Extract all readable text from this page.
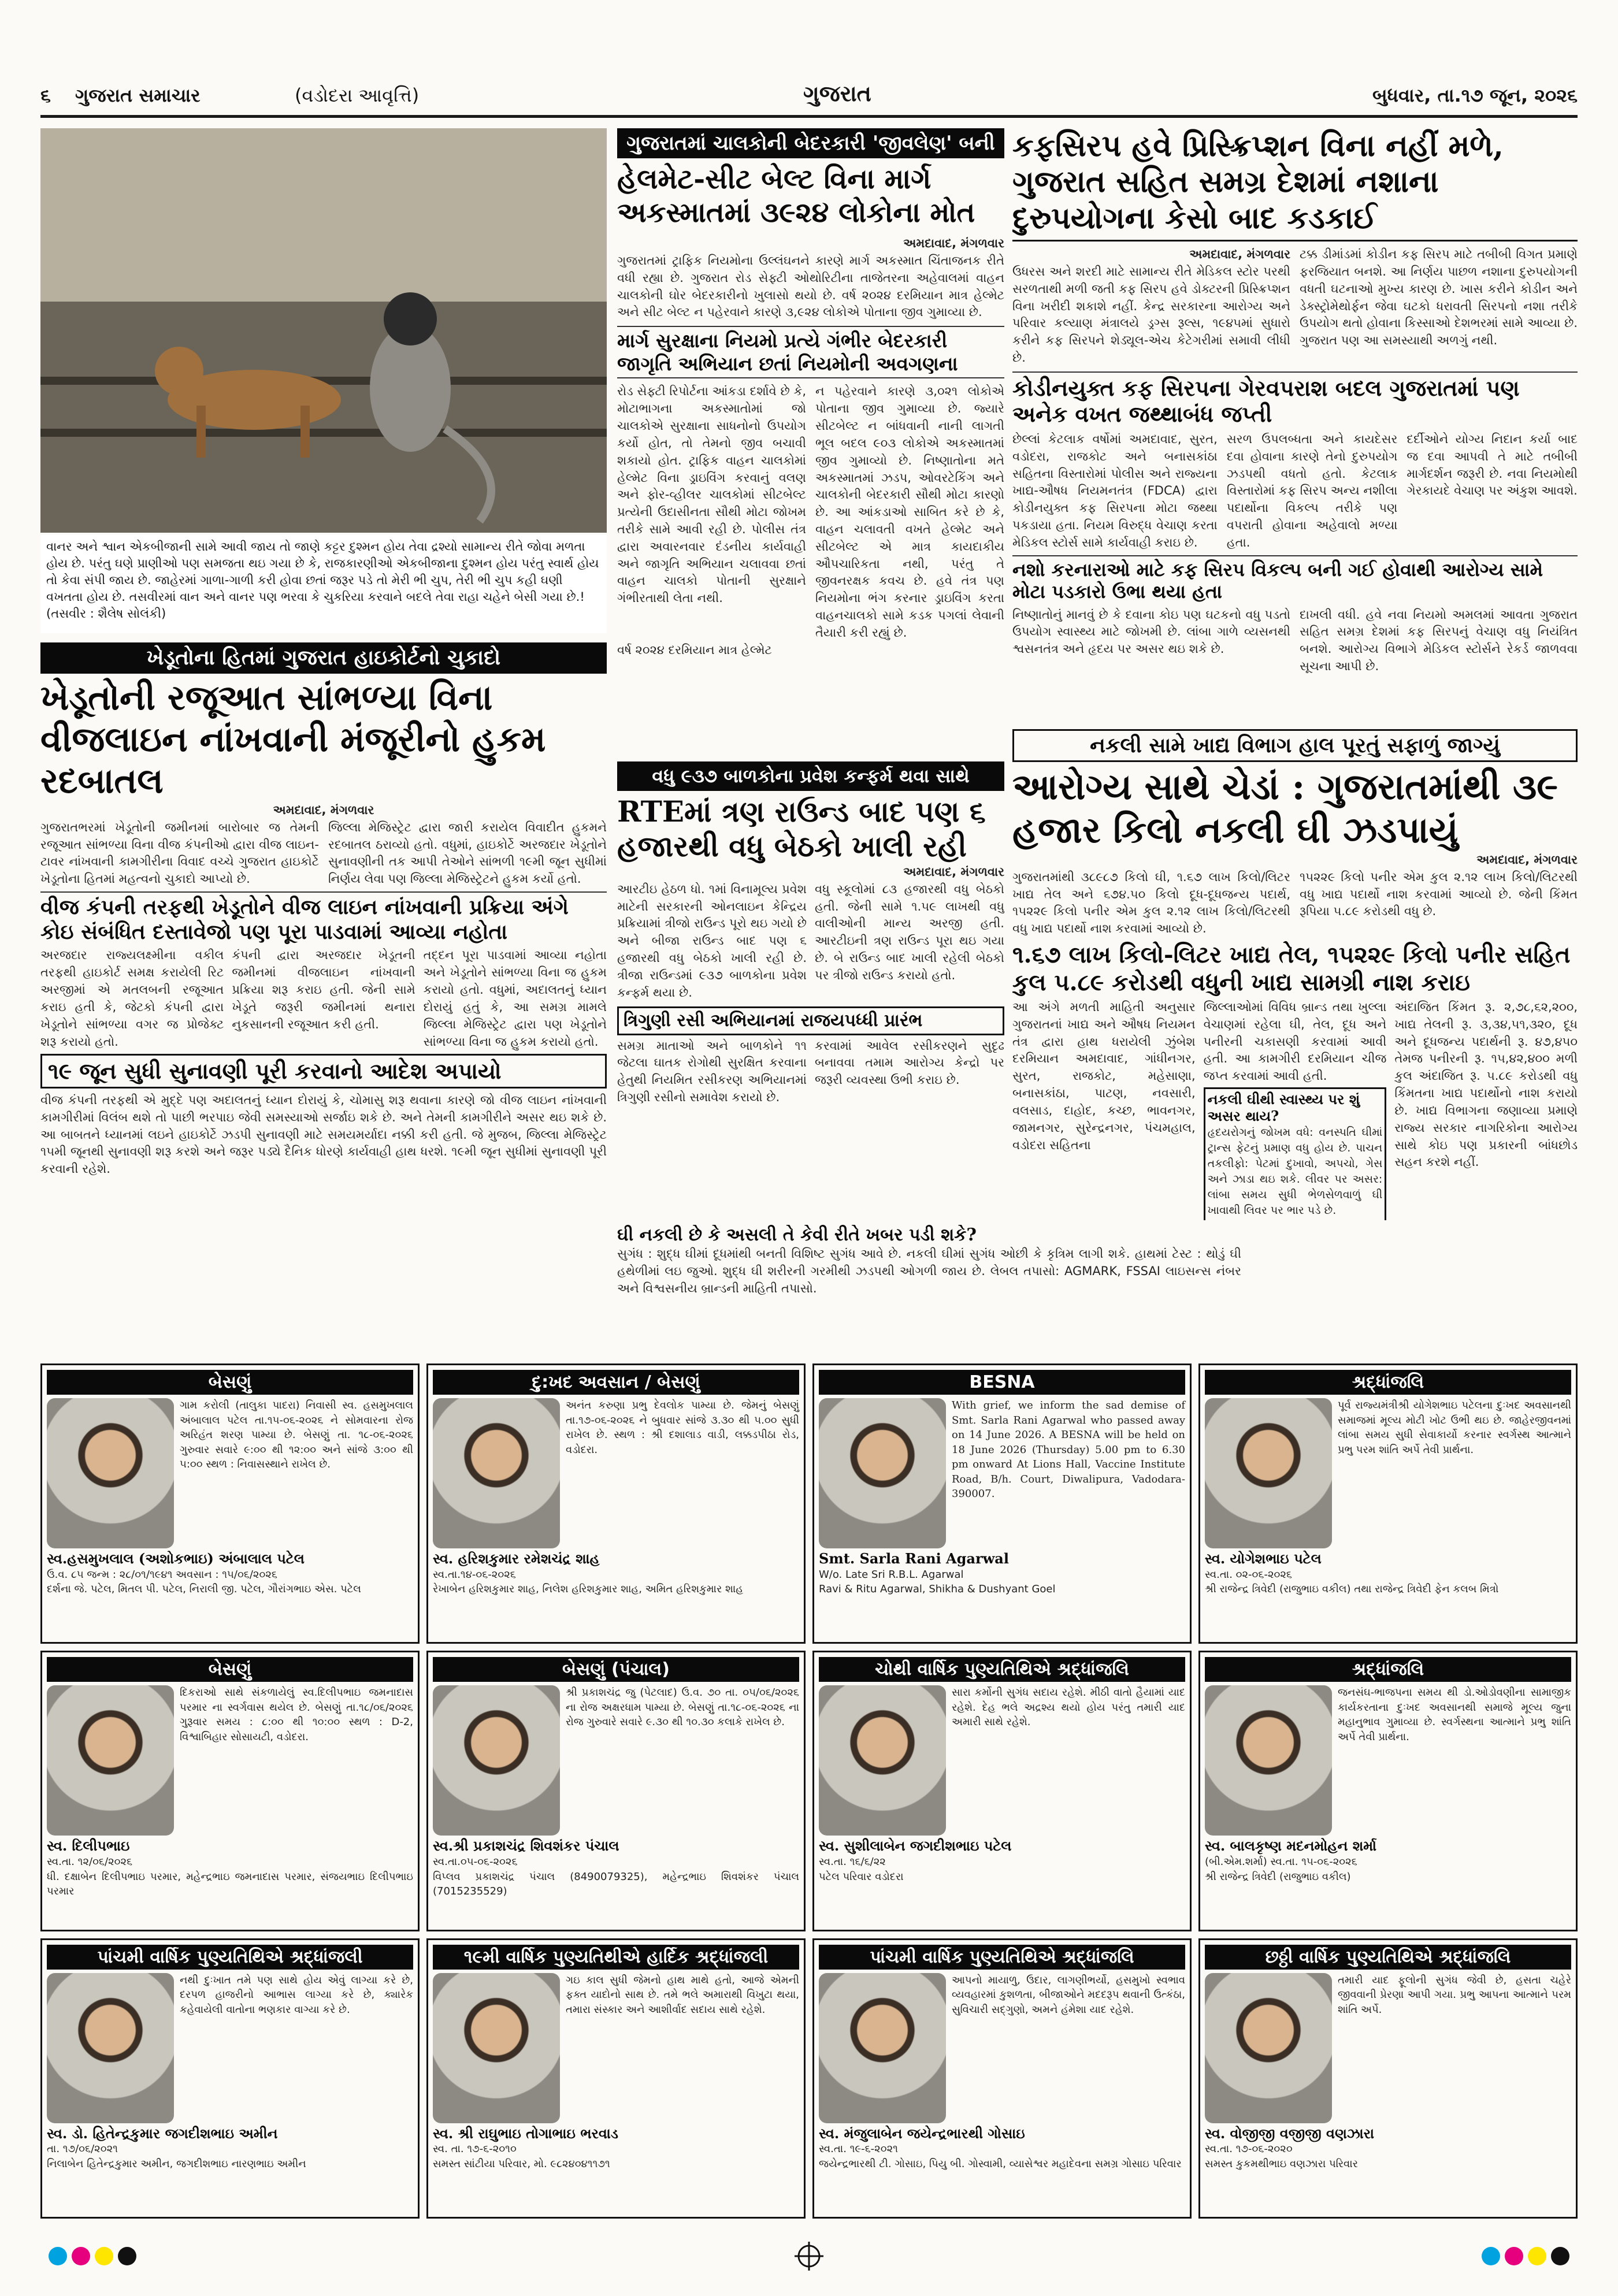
૬ ગુજરાત સમાચાર	(વડોદરા આવૃત્તિ)	ગુજરાત	બુધવાર, તા.૧૭ જૂન, ૨૦૨૬
વાનર અને શ્વાન એકબીજાની સામે આવી જાય તો જાણે કટ્ટર દુશ્મન હોય તેવા દ્રશ્યો સામાન્ય રીતે જોવા મળતા હોય છે. પરંતુ ઘણે પ્રાણીઓ પણ સમજતા થઇ ગયા છે કે, રાજકારણીઓ એકબીજાના દુશ્મન હોય પરંતુ સ્વાર્થ હોય તો કેવા સંપી જાય છે. જાહેરમાં ગાળા-ગાળી કરી હોવા છતાં જરૂર પડે તો મેરી ભી ચુપ, તેરી ભી ચુપ કહી ઘણી વખતતા હોય છે. તસવીરમાં વાન અને વાનર પણ ભરવા કે ચુકરિયા કરવાને બદલે તેવા રાહા ચહેને બેસી ગયા છે.! (તસવીર : શૈલેષ સોલંકી)
ગુજરાતમાં ચાલકોની બેદરકારી 'જીવલેણ' બની
હેલમેટ-સીટ બેલ્ટ વિના માર્ગ અકસ્માતમાં ૩૯૨૪ લોકોના મોત
અમદાવાદ, મંગળવાર
ગુજરાતમાં ટ્રાફિક નિયમોના ઉલ્લંઘનને કારણે માર્ગ અકસ્માત ચિંતાજનક રીતે વધી રહ્યા છે. ગુજરાત રોડ સેફ્ટી ઓથોરિટીના તાજેતરના અહેવાલમાં વાહન ચાલકોની ઘોર બેદરકારીનો ખુલાસો થયો છે. વર્ષ ૨૦૨૪ દરમિયાન માત્ર હેલ્મેટ અને સીટ બેલ્ટ ન પહેરવાને કારણે ૩,૯૨૪ લોકોએ પોતાના જીવ ગુમાવ્યા છે.
માર્ગ સુરક્ષાના નિયમો પ્રત્યે ગંભીર બેદરકારી જાગૃતિ અભિયાન છતાં નિયમોની અવગણના
રોડ સેફ્ટી રિપોર્ટના આંકડા દર્શાવે છે કે, મોટાભાગના અકસ્માતોમાં જો ચાલકોએ સુરક્ષાના સાધનોનો ઉપયોગ કર્યો હોત, તો તેમનો જીવ બચાવી શકાયો હોત. ટ્રાફિક વાહન ચાલકોમાં હેલ્મેટ વિના ડ્રાઇવિંગ કરવાનું વલણ અને ફોર-વ્હીલર ચાલકોમાં સીટબેલ્ટ પ્રત્યેની ઉદાસીનતા સૌથી મોટા જોખમ તરીકે સામે આવી રહી છે. પોલીસ તંત્ર દ્વારા અવારનવાર દંડનીય કાર્યવાહી અને જાગૃતિ અભિયાન ચલાવવા છતાં વાહન ચાલકો પોતાની સુરક્ષાને ગંભીરતાથી લેતા નથી.
ન પહેરવાને કારણે ૩,૦૨૧ લોકોએ પોતાના જીવ ગુમાવ્યા છે. જ્યારે સીટબેલ્ટ ન બાંધવાની નાની લાગતી ભૂલ બદલ ૯૦૩ લોકોએ અકસ્માતમાં જીવ ગુમાવ્યો છે. નિષ્ણાતોના મતે અકસ્માતમાં ઝડપ, ઓવરટેકિંગ અને ચાલકોની બેદરકારી સૌથી મોટા કારણો છે. આ આંકડાઓ સાબિત કરે છે કે, વાહન ચલાવતી વખતે હેલ્મેટ અને સીટબેલ્ટ એ માત્ર કાયદાકીય ઔપચારિકતા નથી, પરંતુ તે જીવનરક્ષક કવચ છે. હવે તંત્ર પણ નિયમોના ભંગ કરનાર ડ્રાઇવિંગ કરતા વાહનચાલકો સામે કડક પગલાં લેવાની તૈયારી કરી રહ્યું છે.
વર્ષ ૨૦૨૪ દરમિયાન માત્ર હેલ્મેટ
કફસિરપ હવે પ્રિસ્ક્રિપ્શન વિના નહીં મળે, ગુજરાત સહિત સમગ્ર દેશમાં નશાના દુરુપયોગના કેસો બાદ કડકાઈ
અમદાવાદ, મંગળવાર
ઉધરસ અને શરદી માટે સામાન્ય રીતે મેડિકલ સ્ટોર પરથી સરળતાથી મળી જતી કફ સિરપ હવે ડોક્ટરની પ્રિસ્ક્રિપ્શન વિના ખરીદી શકાશે નહીં. કેન્દ્ર સરકારના આરોગ્ય અને પરિવાર કલ્યાણ મંત્રાલયે ડ્રગ્સ રૂલ્સ, ૧૯૪૫માં સુધારો કરીને કફ સિરપને શેડ્યૂલ-એચ કેટેગરીમાં સમાવી લીધી છે.
ટક્ક ડીમાંડમાં કોડીન કફ સિરપ માટે તબીબી વિગત પ્રમાણે ફરજિયાત બનશે. આ નિર્ણય પાછળ નશાના દુરુપયોગની વધતી ઘટનાઓ મુખ્ય કારણ છે. ખાસ કરીને કોડીન અને ડેક્સ્ટ્રોમેથોર્ફન જેવા ઘટકો ધરાવતી સિરપનો નશા તરીકે ઉપયોગ થતો હોવાના કિસ્સાઓ દેશભરમાં સામે આવ્યા છે. ગુજરાત પણ આ સમસ્યાથી અળગું નથી.
કોડીનયુક્ત કફ સિરપના ગેરવપરાશ બદલ ગુજરાતમાં પણ અનેક વખત જથ્થાબંધ જપ્તી
છેલ્લાં કેટલાક વર્ષોમાં અમદાવાદ, સુરત, વડોદરા, રાજકોટ અને બનાસકાંઠા સહિતના વિસ્તારોમાં પોલીસ અને રાજ્યના ખાદ્ય-ઔષધ નિયમનતંત્ર (FDCA) દ્વારા કોડીનયુક્ત કફ સિરપના મોટા જથ્થા પકડાયા હતા. નિયમ વિરુદ્ધ વેચાણ કરતા મેડિકલ સ્ટોર્સ સામે કાર્યવાહી કરાઇ છે.
સરળ ઉપલબ્ધતા અને કાયદેસર દવા હોવાના કારણે તેનો દુરુપયોગ ઝડપથી વધતો હતો. કેટલાક વિસ્તારોમાં કફ સિરપ અન્ય નશીલા પદાર્થોના વિકલ્પ તરીકે પણ વપરાતી હોવાના અહેવાલો મળ્યા હતા.
દર્દીઓને યોગ્ય નિદાન કર્યા બાદ જ દવા આપવી તે માટે તબીબી માર્ગદર્શન જરૂરી છે. નવા નિયમોથી ગેરકાયદે વેચાણ પર અંકુશ આવશે.
નશો કરનારાઓ માટે કફ સિરપ વિકલ્પ બની ગઈ હોવાથી આરોગ્ય સામે મોટા પડકારો ઉભા થયા હતા
નિષ્ણાતોનું માનવું છે કે દવાના કોઇ પણ ઘટકનો વધુ પડતો ઉપયોગ સ્વાસ્થ્ય માટે જોખમી છે. લાંબા ગાળે વ્યસનથી શ્વસનતંત્ર અને હૃદય પર અસર થઇ શકે છે.
દાખલી વધી. હવે નવા નિયમો અમલમાં આવતા ગુજરાત સહિત સમગ્ર દેશમાં કફ સિરપનું વેચાણ વધુ નિયંત્રિત બનશે. આરોગ્ય વિભાગે મેડિકલ સ્ટોર્સને રેકર્ડ જાળવવા સૂચના આપી છે.
ખેડૂતોના હિતમાં ગુજરાત હાઇકોર્ટનો ચુકાદો
ખેડૂતોની રજૂઆત સાંભળ્યા વિના વીજલાઇન નાંખવાની મંજૂરીનો હુકમ રદબાતલ
અમદાવાદ, મંગળવાર
ગુજરાતભરમાં ખેડૂતોની જમીનમાં બારોબાર જ તેમની રજૂઆત સાંભળ્યા વિના વીજ કંપનીઓ દ્વારા વીજ લાઇન-ટાવર નાંખવાની કામગીરીના વિવાદ વચ્ચે ગુજરાત હાઇકોર્ટે ખેડૂતોના હિતમાં મહત્વનો ચુકાદો આપ્યો છે.
જિલ્લા મેજિસ્ટ્રેટ દ્વારા જારી કરાયેલ વિવાદીત હુકમને રદબાતલ ઠરાવ્યો હતો. વધુમાં, હાઇકોર્ટે અરજદાર ખેડૂતોને સુનાવણીની તક આપી તેઓને સાંભળી ૧૯મી જૂન સુધીમાં નિર્ણય લેવા પણ જિલ્લા મેજિસ્ટ્રેટને હુકમ કર્યો હતો.
વીજ કંપની તરફથી ખેડૂતોને વીજ લાઇન નાંખવાની પ્રક્રિયા અંગે કોઇ સંબંધિત દસ્તાવેજો પણ પૂરા પાડવામાં આવ્યા નહોતા
અરજદાર રાજ્યલક્ષ્મીના વકીલ તરફથી હાઇકોર્ટ સમક્ષ કરાયેલી રિટ અરજીમાં એ મતલબની રજૂઆત કરાઇ હતી કે, જેટકો કંપની દ્વારા ખેડૂતોને સાંભળ્યા વગર જ પ્રોજેક્ટ શરૂ કરાયો હતો.
કંપની દ્વારા અરજદાર ખેડૂતની જમીનમાં વીજલાઇન નાંખવાની પ્રક્રિયા શરૂ કરાઇ હતી. જેની સામે ખેડૂતે જરૂરી જમીનમાં થનારા નુકસાનની રજૂઆત કરી હતી.
તદ્દન પૂરા પાડવામાં આવ્યા નહોતા અને ખેડૂતોને સાંભળ્યા વિના જ હુકમ કરાયો હતો. વધુમાં, અદાલતનું ધ્યાન દોરાયું હતું કે, આ સમગ્ર મામલે જિલ્લા મેજિસ્ટ્રેટ દ્વારા પણ ખેડૂતોને સાંભળ્યા વિના જ હુકમ કરાયો હતો.
૧૯ જૂન સુધી સુનાવણી પૂરી કરવાનો આદેશ અપાયો
વીજ કંપની તરફથી એ મુદ્દે પણ અદાલતનું ધ્યાન દોરાયું કે, ચોમાસુ શરૂ થવાના કારણે જો વીજ લાઇન નાંખવાની કામગીરીમાં વિલંબ થશે તો પાછી ભરપાઇ જેવી સમસ્યાઓ સર્જાઇ શકે છે. અને તેમની કામગીરીને અસર થઇ શકે છે. આ બાબતને ધ્યાનમાં લઇને હાઇકોર્ટે ઝડપી સુનાવણી માટે સમયમર્યાદા નક્કી કરી હતી. જે મુજબ, જિલ્લા મેજિસ્ટ્રેટ ૧૫મી જૂનથી સુનાવણી શરૂ કરશે અને જરૂર પડ્યે દૈનિક ધોરણે કાર્યવાહી હાથ ધરશે. ૧૯મી જૂન સુધીમાં સુનાવણી પૂરી કરવાની રહેશે.
વધુ ૯૩૭ બાળકોના પ્રવેશ કન્ફર્મ થવા સાથે
RTEમાં ત્રણ રાઉન્ડ બાદ પણ ૬ હજારથી વધુ બેઠકો ખાલી રહી
અમદાવાદ, મંગળવાર
આરટીઇ હેઠળ ધો. ૧માં વિનામૂલ્ય પ્રવેશ માટેની સરકારની ઓનલાઇન કેન્દ્રિય પ્રક્રિયામાં ત્રીજો રાઉન્ડ પૂરો થઇ ગયો છે અને બીજા રાઉન્ડ બાદ પણ ૬ હજારથી વધુ બેઠકો ખાલી રહી છે. ત્રીજા રાઉન્ડમાં ૯૩૭ બાળકોના પ્રવેશ કન્ફર્મ થયા છે.
વધુ સ્કૂલોમાં ૮૩ હજારથી વધુ બેઠકો હતી. જેની સામે ૧.૫૯ લાખથી વધુ વાલીઓની માન્ય અરજી હતી. આરટીઇની ત્રણ રાઉન્ડ પૂરા થઇ ગયા છે. બે રાઉન્ડ બાદ ખાલી રહેલી બેઠકો પર ત્રીજો રાઉન્ડ કરાયો હતો.
ત્રિગુણી રસી અભિયાનમાં રાજયપધ્ધી પ્રારંભ
સમગ્ર માતાઓ અને બાળકોને ૧૧ જેટલા ઘાતક રોગોથી સુરક્ષિત કરવાના હેતુથી નિયમિત રસીકરણ અભિયાનમાં ત્રિગુણી રસીનો સમાવેશ કરાયો છે.
કરવામાં આવેલ રસીકરણને સુદૃઢ બનાવવા તમામ આરોગ્ય કેન્દ્રો પર જરૂરી વ્યવસ્થા ઉભી કરાઇ છે.
નકલી સામે ખાદ્ય વિભાગ હાલ પૂરતું સફાળું જાગ્યું
આરોગ્ય સાથે ચેડાં : ગુજરાતમાંથી ૩૯ હજાર કિલો નકલી ઘી ઝડપાયું
અમદાવાદ, મંગળવાર
ગુજરાતમાંથી ૩૮૯૮૭ કિલો ઘી, ૧.૬૭ લાખ કિલો/લિટર ખાદ્ય તેલ અને ૬૭૪.૫૦ કિલો દૂધ-દૂધજન્ય પદાર્થ, ૧૫૨૨૯ કિલો પનીર એમ કુલ ૨.૧૨ લાખ કિલો/લિટરથી વધુ ખાદ્ય પદાર્થો નાશ કરવામાં આવ્યો છે.
૧૫૨૨૯ કિલો પનીર એમ કુલ ૨.૧૨ લાખ કિલો/લિટરથી વધુ ખાદ્ય પદાર્થો નાશ કરવામાં આવ્યો છે. જેની કિંમત રૂપિયા ૫.૮૯ કરોડથી વધુ છે.
૧.૬૭ લાખ કિલો-લિટર ખાદ્ય તેલ, ૧૫૨૨૯ કિલો પનીર સહિત કુલ ૫.૮૯ કરોડથી વધુની ખાદ્ય સામગ્રી નાશ કરાઇ
આ અંગે મળતી માહિતી અનુસાર ગુજરાતનાં ખાદ્ય અને ઔષધ નિયમન તંત્ર દ્વારા હાથ ધરાયેલી ઝુંબેશ દરમિયાન અમદાવાદ, ગાંધીનગર, સુરત, રાજકોટ, મહેસાણા, બનાસકાંઠા, પાટણ, નવસારી, વલસાડ, દાહોદ, કચ્છ, ભાવનગર, જામનગર, સુરેન્દ્રનગર, પંચમહાલ, વડોદરા સહિતના
જિલ્લાઓમાં વિવિધ બ્રાન્ડ તથા ખુલ્લા વેચાણમાં રહેલા ઘી, તેલ, દૂધ અને પનીરની ચકાસણી કરવામાં આવી હતી. આ કામગીરી દરમિયાન ચીજ જપ્ત કરવામાં આવી હતી.
નકલી ઘીથી સ્વાસ્થ્ય પર શું અસર થાય?
હૃદયરોગનું જોખમ વધે: વનસ્પતિ ઘીમાં ટ્રાન્સ ફેટનું પ્રમાણ વધુ હોય છે. પાચન તકલીફો: પેટમાં દુખાવો, અપચો, ગેસ અને ઝાડા થઇ શકે. લીવર પર અસર: લાંબા સમય સુધી ભેળસેળવાળું ઘી ખાવાથી લિવર પર ભાર પડે છે.
અંદાજિત કિંમત રૂ. ૨,૭૮,૬૨,૨૦૦, ખાદ્ય તેલની રૂ. ૩,૩૪,૫૧,૩૨૦, દૂધ અને દૂધજન્ય પદાર્થની રૂ. ૪૭,૪૫૦ તેમજ પનીરની રૂ. ૧૫,૪૨,૪૦૦ મળી કુલ અંદાજિત રૂ. ૫.૮૯ કરોડથી વધુ કિંમતના ખાદ્ય પદાર્થોનો નાશ કરાયો છે. ખાદ્ય વિભાગના જણાવ્યા પ્રમાણે રાજ્ય સરકાર નાગરિકોના આરોગ્ય સાથે કોઇ પણ પ્રકારની બાંધછોડ સહન કરશે નહીં.
ઘી નકલી છે કે અસલી તે કેવી રીતે ખબર પડી શકે?
સુગંધ : શુદ્ધ ઘીમાં દૂધમાંથી બનતી વિશિષ્ટ સુગંધ આવે છે. નકલી ઘીમાં સુગંધ ઓછી કે કૃત્રિમ લાગી શકે. હાથમાં ટેસ્ટ : થોડું ઘી હથેળીમાં લઇ જુઓ. શુદ્ધ ઘી શરીરની ગરમીથી ઝડપથી ઓગળી જાય છે. લેબલ તપાસો: AGMARK, FSSAI લાઇસન્સ નંબર અને વિશ્વસનીય બ્રાન્ડની માહિતી તપાસો.
બેસણું
ગામ કરોલી (તાલુકા પાદરા) નિવાસી સ્વ. હસમુખલાલ અંબાલાલ પટેલ તા.૧૫-૦૬-૨૦૨૬ ને સોમવારના રોજ અરિહંત શરણ પામ્યા છે. બેસણું તા. ૧૮-૦૬-૨૦૨૬ ગુરુવાર સવારે ૯:૦૦ થી ૧૨:૦૦ અને સાંજે ૩:૦૦ થી ૫:૦૦ સ્થળ : નિવાસસ્થાને રાખેલ છે.
સ્વ.હસમુખલાલ (અશોકભાઇ) અંબાલાલ પટેલ
ઉ.વ. ૮૫ જન્મ : ૨૮/૦૧/૧૯૪૧ અવસાન : ૧૫/૦૬/૨૦૨૬
દર્શના જે. પટેલ, મિતલ પી. પટેલ, નિરાલી જી. પટેલ, ગૌરાંગભાઇ એસ. પટેલ
દુ:ખદ અવસાન / બેસણું
અનંત કરુણા પ્રભુ દેવલોક પામ્યા છે. જેમનું બેસણું તા.૧૭-૦૬-૨૦૨૬ ને બુધવાર સાંજે ૩.૩૦ થી ૫.૦૦ સુધી રાખેલ છે. સ્થળ : શ્રી દશાલાડ વાડી, લક્કડપીઠા રોડ, વડોદરા.
સ્વ. હરિશકુમાર રમેશચંદ્ર શાહ
સ્વ.તા.૧૪-૦૬-૨૦૨૬
રેખાબેન હરિશકુમાર શાહ, નિલેશ હરિશકુમાર શાહ, અમિત હરિશકુમાર શાહ
BESNA
With grief, we inform the sad demise of Smt. Sarla Rani Agarwal who passed away on 14 June 2026. A BESNA will be held on 18 June 2026 (Thursday) 5.00 pm to 6.30 pm onward At Lions Hall, Vaccine Institute Road, B/h. Court, Diwalipura, Vadodara-390007.
Smt. Sarla Rani Agarwal
W/o. Late Sri R.B.L. Agarwal
Ravi & Ritu Agarwal, Shikha & Dushyant Goel
શ્રદ્ધાંજલિ
પૂર્વ રાજ્યમંત્રીશ્રી યોગેશભાઇ પટેલના દુઃખદ અવસાનથી સમાજમાં મૂલ્ય મોટી ખોટ ઉભી થઇ છે. જાહેરજીવનમાં લાંબા સમય સુધી સેવાકાર્યો કરનાર સ્વર્ગસ્થ આત્માને પ્રભુ પરમ શાંતિ અર્પે તેવી પ્રાર્થના.
સ્વ. યોગેશભાઇ પટેલ
સ્વ.તા. ૦૨-૦૬-૨૦૨૬
શ્રી રાજેન્દ્ર ત્રિવેદી (રાજુભાઇ વકીલ) તથા રાજેન્દ્ર ત્રિવેદી ફેન કલબ મિત્રો
બેસણું
દિકરાઓ સાથે સંકળાયેલું સ્વ.દિલીપભાઇ જમનાદાસ પરમાર ના સ્વર્ગવાસ થયેલ છે. બેસણું તા.૧૮/૦૬/૨૦૨૬ ગુરૂવાર સમય : ૮:૦૦ થી ૧૦:૦૦ સ્થળ : D-2, વિશ્વાબિહાર સોસાયટી, વડોદરા.
સ્વ. દિલીપભાઇ
સ્વ.તા. ૧૨/૦૬/૨૦૨૬
ધી. દક્ષાબેન દિલીપભાઇ પરમાર, મહેન્દ્રભાઇ જમનાદાસ પરમાર, સંજયભાઇ દિલીપભાઇ પરમાર
બેસણું (પંચાલ)
શ્રી પ્રકાશચંદ્ર જુ (પેટલાદ) ઉ.વ. ૭૦ તા. ૦૫/૦૬/૨૦૨૬ ના રોજ અક્ષરધામ પામ્યા છે. બેસણું તા.૧૮-૦૬-૨૦૨૬ ના રોજ ગુરુવારે સવારે ૯.૩૦ થી ૧૦.૩૦ કલાકે રાખેલ છે.
સ્વ.શ્રી પ્રકાશચંદ્ર શિવશંકર પંચાલ
સ્વ.તા.૦૫-૦૬-૨૦૨૬
વિપ્લવ પ્રકાશચંદ્ર પંચાલ (8490079325), મહેન્દ્રભાઇ શિવશંકર પંચાલ (7015235529)
ચોથી વાર્ષિક પુણ્યતિથિએ શ્રદ્ધાંજલિ
સારા કર્મોની સુગંધ સદાય રહેશે. મીઠી વાતો હૈયામાં યાદ રહેશે. દેહ ભલે અદ્રશ્ય થયો હોય પરંતુ તમારી યાદ અમારી સાથે રહેશે.
સ્વ. સુશીલાબેન જગદીશભાઇ પટેલ
સ્વ.તા. ૧૬/૬/૨૨
પટેલ પરિવાર વડોદરા
શ્રદ્ધાંજલિ
જનસંઘ-ભાજપના સમય થી ડો.ઓડોવણીના સામાજીક કાર્યકરતાના દુઃખદ અવસાનથી સમાજે મૂલ્ય જુના મહાનુભાવ ગુમાવ્યા છે. સ્વર્ગસ્થના આત્માને પ્રભુ શાંતિ અર્પે તેવી પ્રાર્થના.
સ્વ. બાલકૃષ્ણ મદનમોહન શર્મા
(બી.એમ.શર્મા) સ્વ.તા. ૧૫-૦૬-૨૦૨૬
શ્રી રાજેન્દ્ર ત્રિવેદી (રાજુભાઇ વકીલ)
પાંચમી વાર્ષિક પુણ્યતિથિએ શ્રદ્ધાંજલી
નથી દુઃખાત તમે પણ સાથે હોય એવું લાગ્યા કરે છે, દરપળ હાજરીનો આભાસ લાગ્યા કરે છે, ક્યારેક કહેવાયેલી વાતોના ભણકાર વાગ્યા કરે છે.
સ્વ. ડો. હિતેન્દ્રકુમાર જગદીશભાઇ અમીન
તા. ૧૭/૦૬/૨૦૨૧
નિલાબેન હિતેન્દ્રકુમાર અમીન, જગદીશભાઇ નારણભાઇ અમીન
૧૯મી વાર્ષિક પુણ્યતિથીએ હાર્દિક શ્રદ્ધાંજલી
ગઇ કાલ સુધી જેમનો હાથ માથે હતો, આજે એમની ફક્ત યાદોનો સાથ છે. તમે ભલે અમારાથી વિખુટા થયા, તમારા સંસ્કાર અને આશીર્વાદ સદાય સાથે રહેશે.
સ્વ. શ્રી રાઘુભાઇ તોગાભાઇ ભરવાડ
સ્વ. તા. ૧૭-૬-૨૦૧૦
સમસ્ત સાંટીયા પરિવાર, મો. ૯૮૨૪૦૪૧૧૭૧
પાંચમી વાર્ષિક પુણ્યતિથિએ શ્રદ્ધાંજલિ
આપનો માયાળુ, ઉદાર, લાગણીભર્યો, હસમુખો સ્વભાવ વ્યવહારમાં કુશળતા, બીજાઓને મદદરૂપ થવાની ઉત્કંઠા, સુવિચારી સદ્ગુણો, અમને હંમેશા યાદ રહેશે.
સ્વ. મંજુલાબેન જયેન્દ્રભારથી ગોસાઇ
સ્વ.તા. ૧૯-૬-૨૦૨૧
જયેન્દ્રભારથી ટી. ગોસાઇ, પિયુ બી. ગોસ્વામી, વ્યાસેશ્વર મહાદેવના સમગ્ર ગોસાઇ પરિવાર
છઠ્ઠી વાર્ષિક પુણ્યતિથિએ શ્રદ્ધાંજલિ
તમારી યાદ ફૂલોની સુગંધ જેવી છે, હસતા ચહેરે જીવવાની પ્રેરણા આપી ગયા. પ્રભુ આપના આત્માને પરમ શાંતિ અર્પે.
સ્વ. વોજીજી વજીજી વણઝારા
સ્વ.તા. ૧૭-૦૬-૨૦૨૦
સમસ્ત કુકમથીભાઇ વણઝારા પરિવાર
